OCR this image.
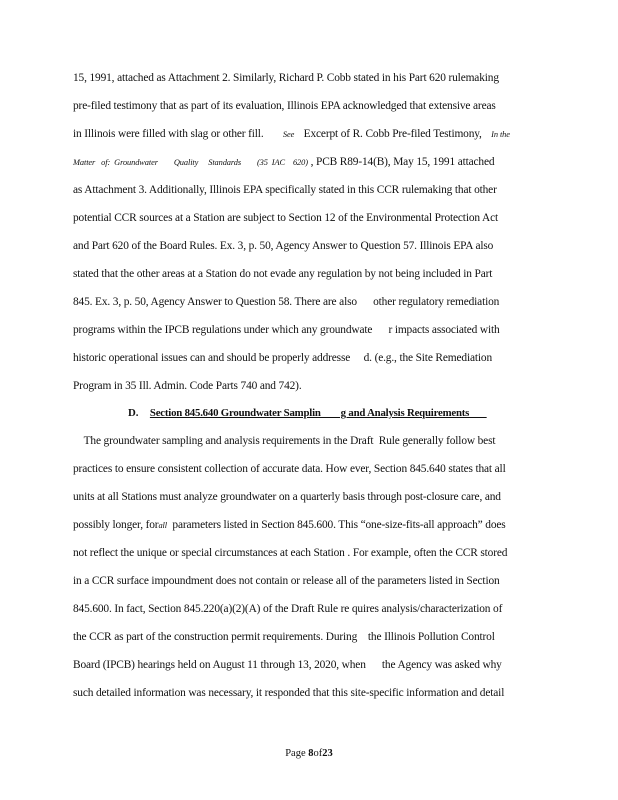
15, 1991, attached as Attachment 2. Similarly, Richard P. Cobb stated in his Part 620 rulemaking
pre-filed testimony that as part of its evaluation, Illinois EPA acknowledged that extensive areas
in Illinois were filled with slag or other fill. See Excerpt of R. Cobb Pre-filed Testimony, In the
Matter   of:  Groundwater        Quality     Standards        (35  IAC    620) , PCB R89-14(B), May 15, 1991 attached
as Attachment 3. Additionally, Illinois EPA specifically stated in this CCR rulemaking that other
potential CCR sources at a Station are subject to Section 12 of the Environmental Protection Act
and Part 620 of the Board Rules. Ex. 3, p. 50, Agency Answer to Question 57. Illinois EPA also
stated that the other areas at a Station do not evade any regulation by not being included in Part
845. Ex. 3, p. 50, Agency Answer to Question 58. There are also      other regulatory remediation
programs within the IPCB regulations under which any groundwate      r impacts associated with
historic operational issues can and should be properly addresse     d. (e.g., the Site Remediation
Program in 35 Ill. Admin. Code Parts 740 and 742).
D. Section 845.640 Groundwater Samplin        g and Analysis Requirements
The groundwater sampling and analysis requirements in the Draft  Rule generally follow best
practices to ensure consistent collection of accurate data. How ever, Section 845.640 states that all
units at all Stations must analyze groundwater on a quarterly basis through post-closure care, and
possibly longer, forall  parameters listed in Section 845.600. This “one-size-fits-all approach” does
not reflect the unique or special circumstances at each Station . For example, often the CCR stored
in a CCR surface impoundment does not contain or release all of the parameters listed in Section
845.600. In fact, Section 845.220(a)(2)(A) of the Draft Rule re quires analysis/characterization of
the CCR as part of the construction permit requirements. During    the Illinois Pollution Control
Board (IPCB) hearings held on August 11 through 13, 2020, when      the Agency was asked why
such detailed information was necessary, it responded that this site-specific information and detail
Page 8of23
